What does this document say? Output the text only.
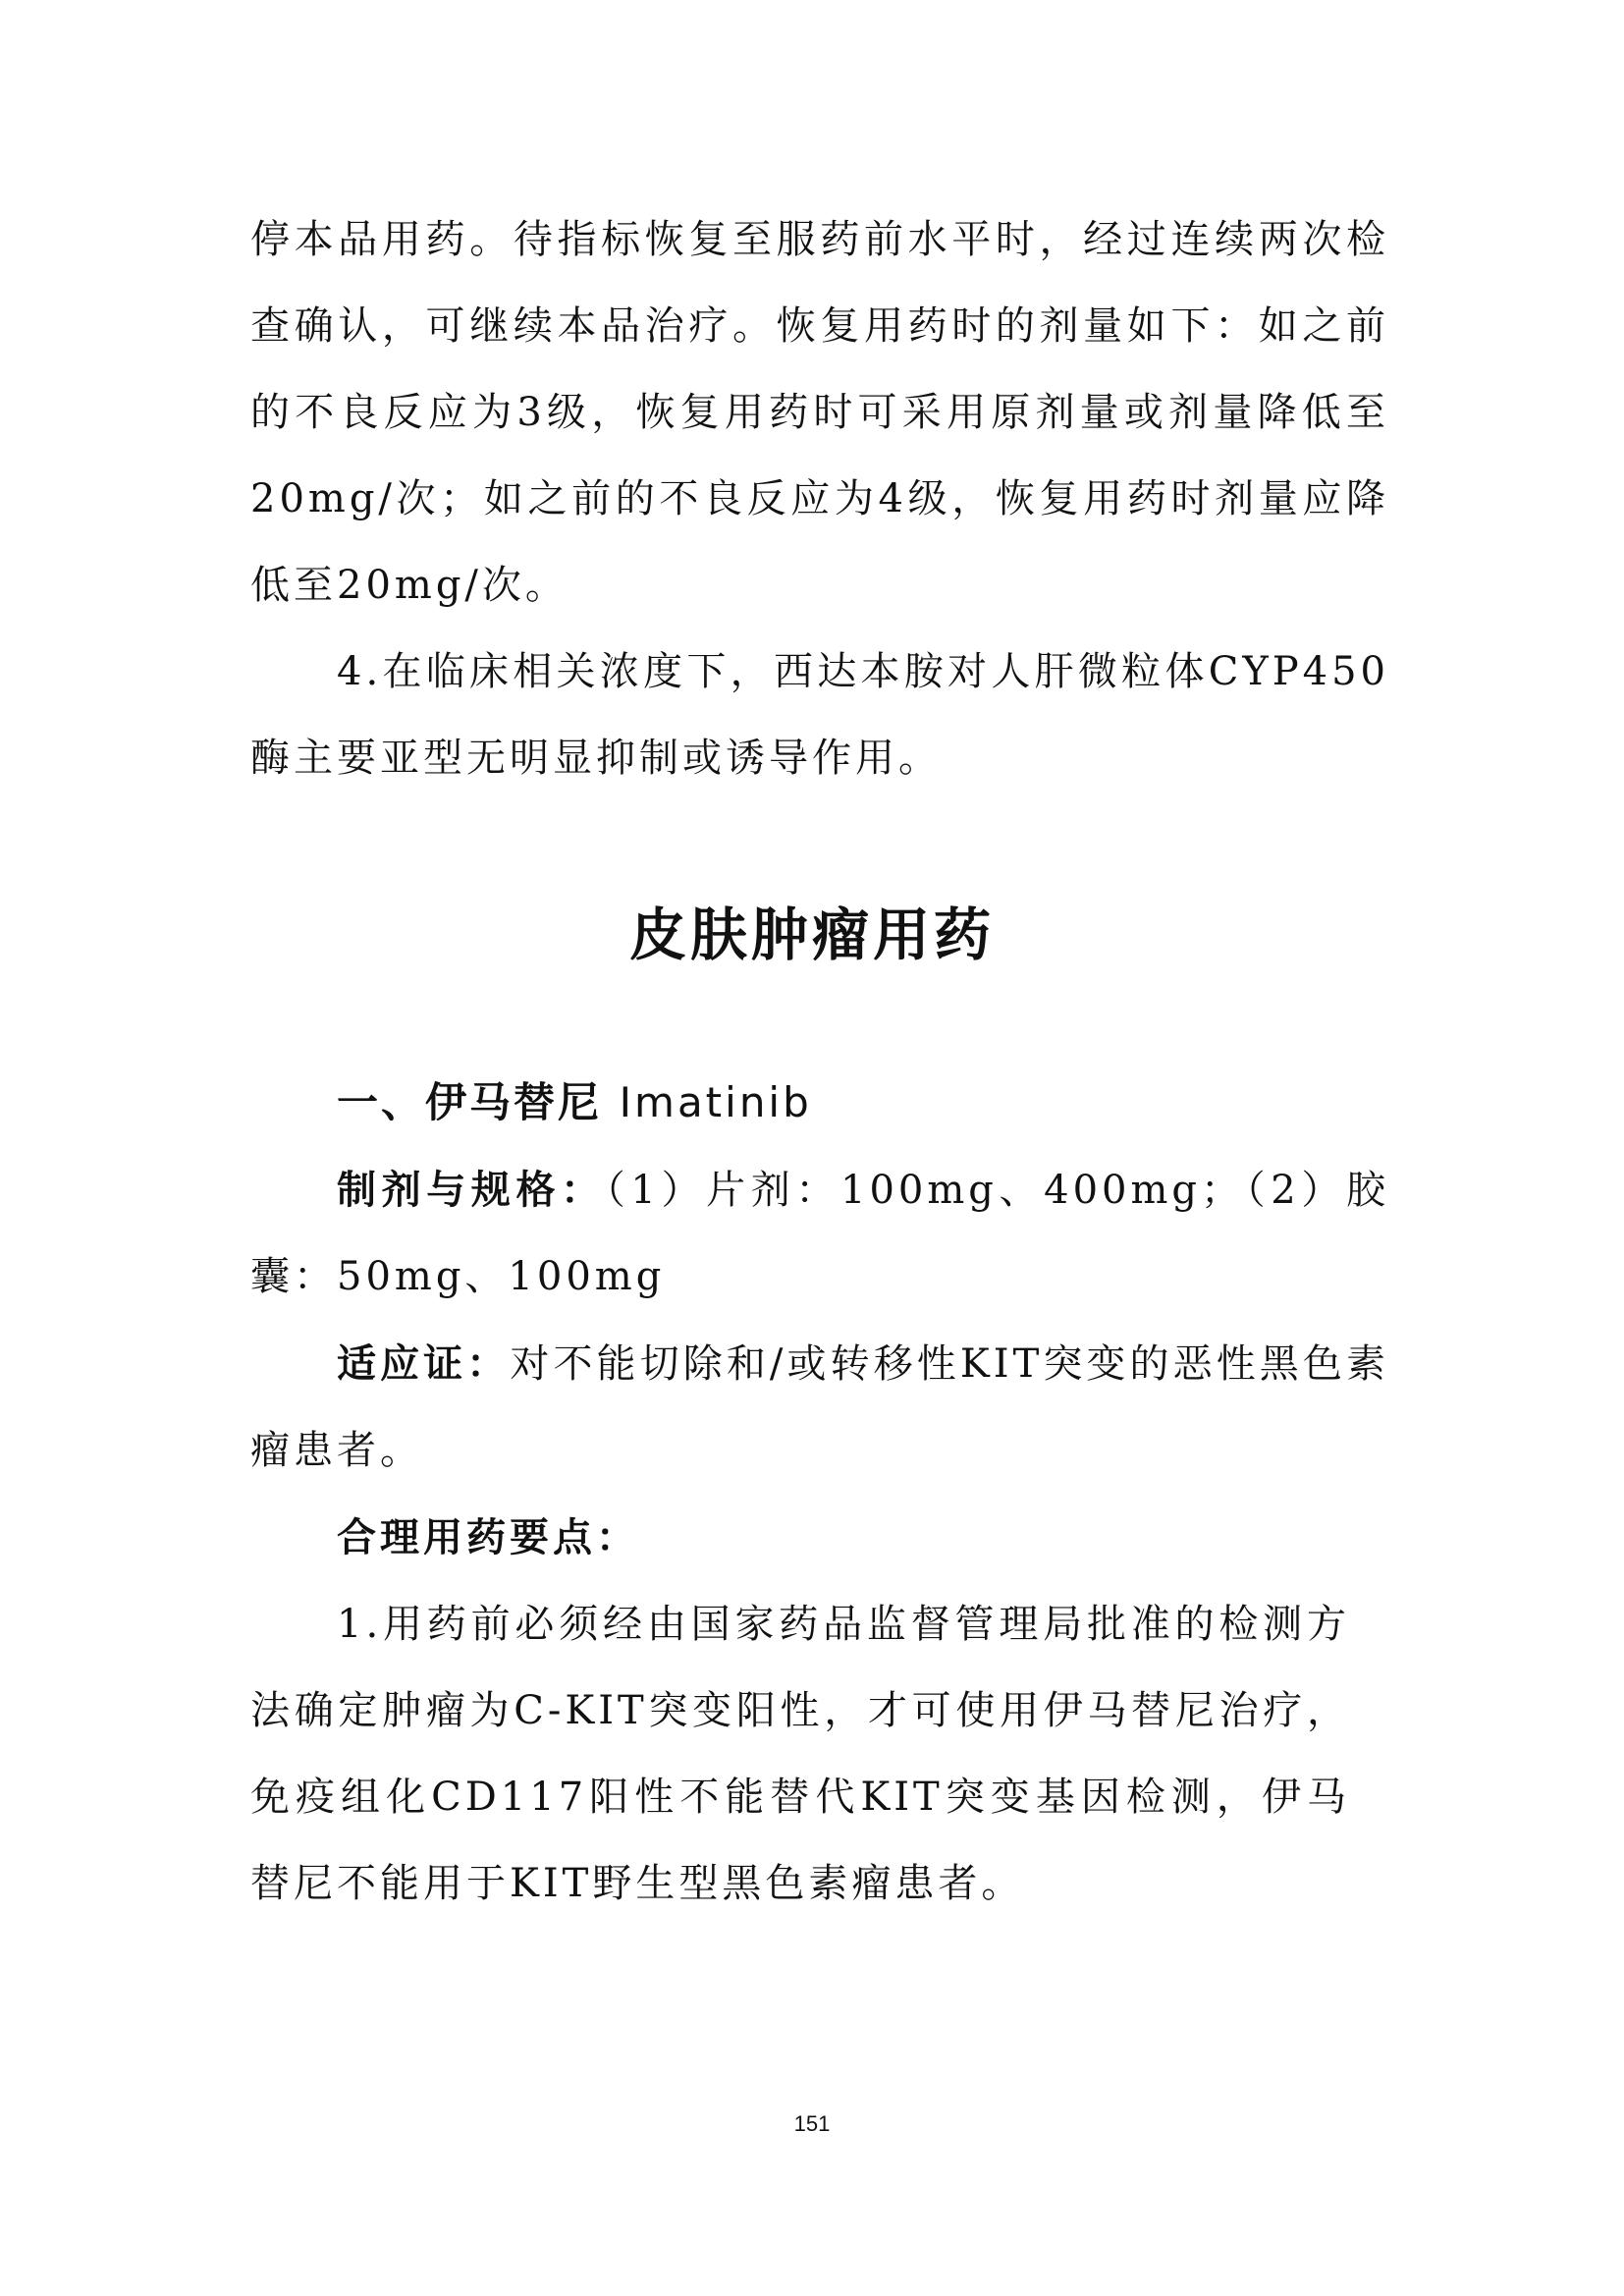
停本品用药。待指标恢复至服药前水平时，经过连续两次检查确认，可继续本品治疗。恢复用药时的剂量如下：如之前的不良反应为3级，恢复用药时可采用原剂量或剂量降低至20mg/次；如之前的不良反应为4级，恢复用药时剂量应降低至20mg/次。

4.在临床相关浓度下，西达本胺对人肝微粒体CYP450酶主要亚型无明显抑制或诱导作用。

皮肤肿瘤用药
一、伊马替尼 Imatinib

制剂与规格：（1）片剂：100mg、400mg；（2）胶囊：50mg、100mg

适应证：对不能切除和/或转移性KIT突变的恶性黑色素瘤患者。

合理用药要点：

1.用药前必须经由国家药品监督管理局批准的检测方法确定肿瘤为C-KIT突变阳性，才可使用伊马替尼治疗，免疫组化CD117阳性不能替代KIT突变基因检测，伊马替尼不能用于KIT野生型黑色素瘤患者。

151
